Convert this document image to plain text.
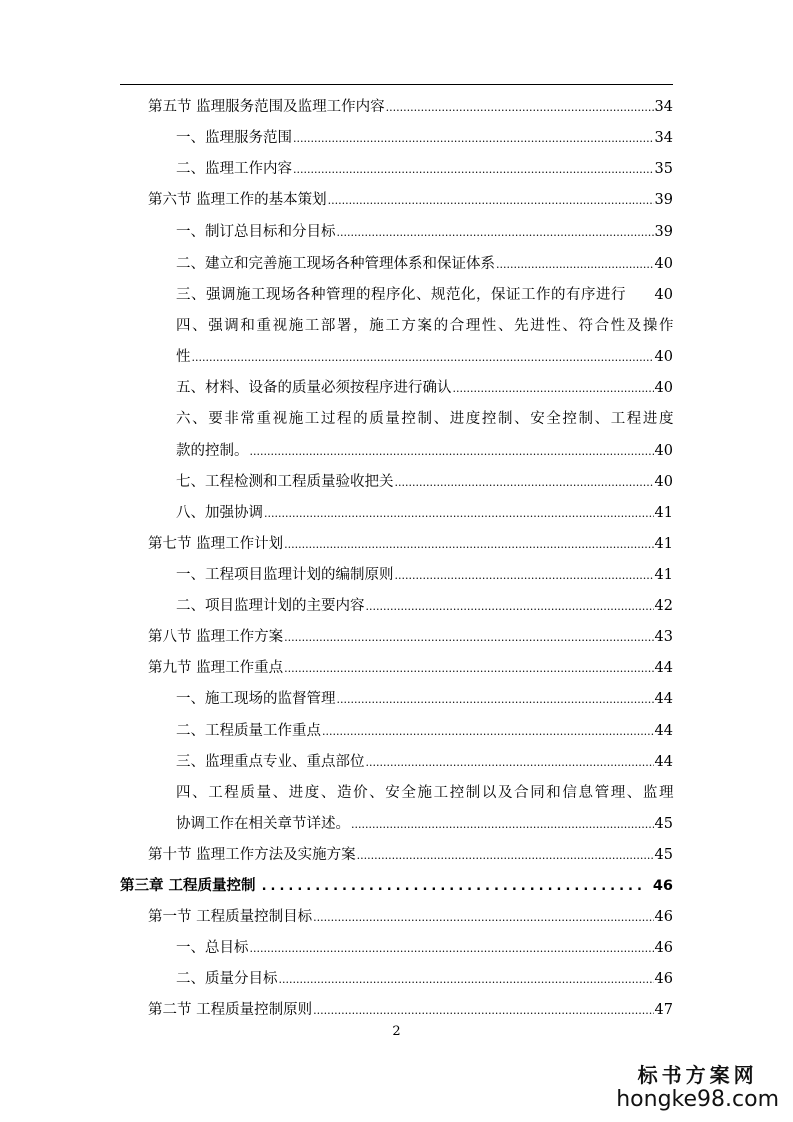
第五节 监理服务范围及监理工作内容 .....	34
一、监理服务范围 .....	34
二、监理工作内容 .....	35
第六节 监理工作的基本策划 .....	39
一、制订总目标和分目标 .....	39
二、建立和完善施工现场各种管理体系和保证体系 .....	40
三、强调施工现场各种管理的程序化、规范化，保证工作的有序进行	40
四、强调和重视施工部署，施工方案的合理性、先进性、符合性及操作
性 .....	40
五、材料、设备的质量必须按程序进行确认 .....	40
六、要非常重视施工过程的质量控制、进度控制、安全控制、工程进度
款的控制。 .....	40
七、工程检测和工程质量验收把关 .....	40
八、加强协调 .....	41
第七节 监理工作计划 .....	41
一、工程项目监理计划的编制原则 .....	41
二、项目监理计划的主要内容 .....	42
第八节 监理工作方案 .....	43
第九节 监理工作重点 .....	44
一、施工现场的监督管理 .....	44
二、工程质量工作重点 .....	44
三、监理重点专业、重点部位 .....	44
四、工程质量、进度、造价、安全施工控制以及合同和信息管理、监理
协调工作在相关章节详述。 .....	45
第十节 监理工作方法及实施方案 .....	45
第三章 工程质量控制 .....	46
第一节 工程质量控制目标 .....	46
一、总目标 .....	46
二、质量分目标 .....	46
第二节 工程质量控制原则 .....	47
2
标书方案网
hongke98.com
